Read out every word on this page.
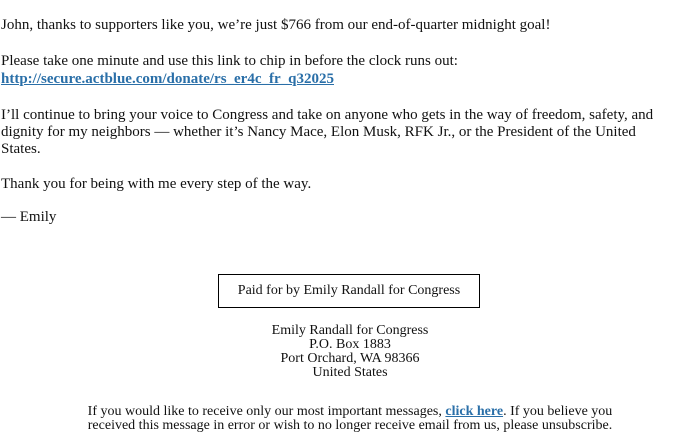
John, thanks to supporters like you, we’re just $766 from our end-of-quarter midnight goal!

Please take one minute and use this link to chip in before the clock runs out:

http://secure.actblue.com/donate/rs_er4c_fr_q32025

I’ll continue to bring your voice to Congress and take on anyone who gets in the way of freedom, safety, and

dignity for my neighbors — whether it’s Nancy Mace, Elon Musk, RFK Jr., or the President of the United

States.

Thank you for being with me every step of the way.

— Emily

Paid for by Emily Randall for Congress
Emily Randall for Congress
P.O. Box 1883
Port Orchard, WA 98366
United States
If you would like to receive only our most important messages, click here. If you believe you
received this message in error or wish to no longer receive email from us, please unsubscribe.
